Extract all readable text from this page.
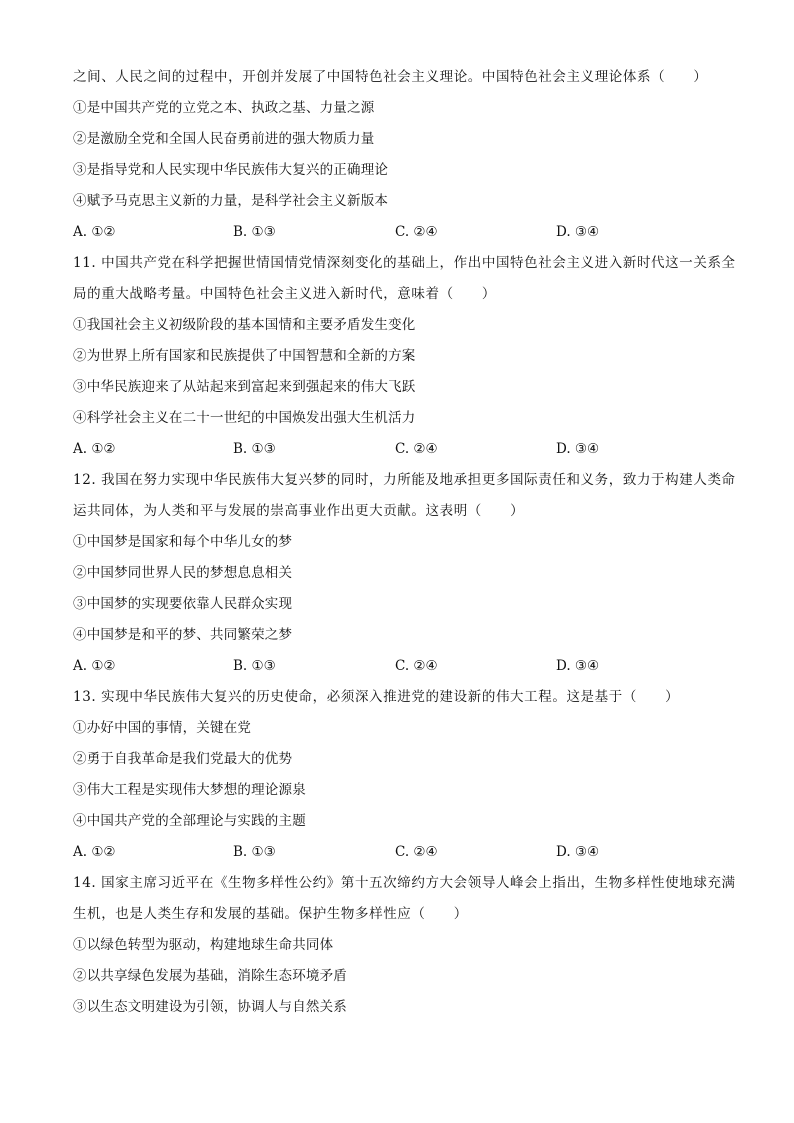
之间、人民之间的过程中，开创并发展了中国特色社会主义理论。中国特色社会主义理论体系（　　）
①是中国共产党的立党之本、执政之基、力量之源
②是激励全党和全国人民奋勇前进的强大物质力量
③是指导党和人民实现中华民族伟大复兴的正确理论
④赋予马克思主义新的力量，是科学社会主义新版本
A. ①②	B. ①③	C. ②④	D. ③④
11. 中国共产党在科学把握世情国情党情深刻变化的基础上，作出中国特色社会主义进入新时代这一关系全
局的重大战略考量。中国特色社会主义进入新时代，意味着（　　）
①我国社会主义初级阶段的基本国情和主要矛盾发生变化
②为世界上所有国家和民族提供了中国智慧和全新的方案
③中华民族迎来了从站起来到富起来到强起来的伟大飞跃
④科学社会主义在二十一世纪的中国焕发出强大生机活力
A. ①②	B. ①③	C. ②④	D. ③④
12. 我国在努力实现中华民族伟大复兴梦的同时，力所能及地承担更多国际责任和义务，致力于构建人类命
运共同体，为人类和平与发展的崇高事业作出更大贡献。这表明（　　）
①中国梦是国家和每个中华儿女的梦
②中国梦同世界人民的梦想息息相关
③中国梦的实现要依靠人民群众实现
④中国梦是和平的梦、共同繁荣之梦
A. ①②	B. ①③	C. ②④	D. ③④
13. 实现中华民族伟大复兴的历史使命，必须深入推进党的建设新的伟大工程。这是基于（　　）
①办好中国的事情，关键在党
②勇于自我革命是我们党最大的优势
③伟大工程是实现伟大梦想的理论源泉
④中国共产党的全部理论与实践的主题
A. ①②	B. ①③	C. ②④	D. ③④
14. 国家主席习近平在《生物多样性公约》第十五次缔约方大会领导人峰会上指出，生物多样性使地球充满
生机，也是人类生存和发展的基础。保护生物多样性应（　　）
①以绿色转型为驱动，构建地球生命共同体
②以共享绿色发展为基础，消除生态环境矛盾
③以生态文明建设为引领，协调人与自然关系
